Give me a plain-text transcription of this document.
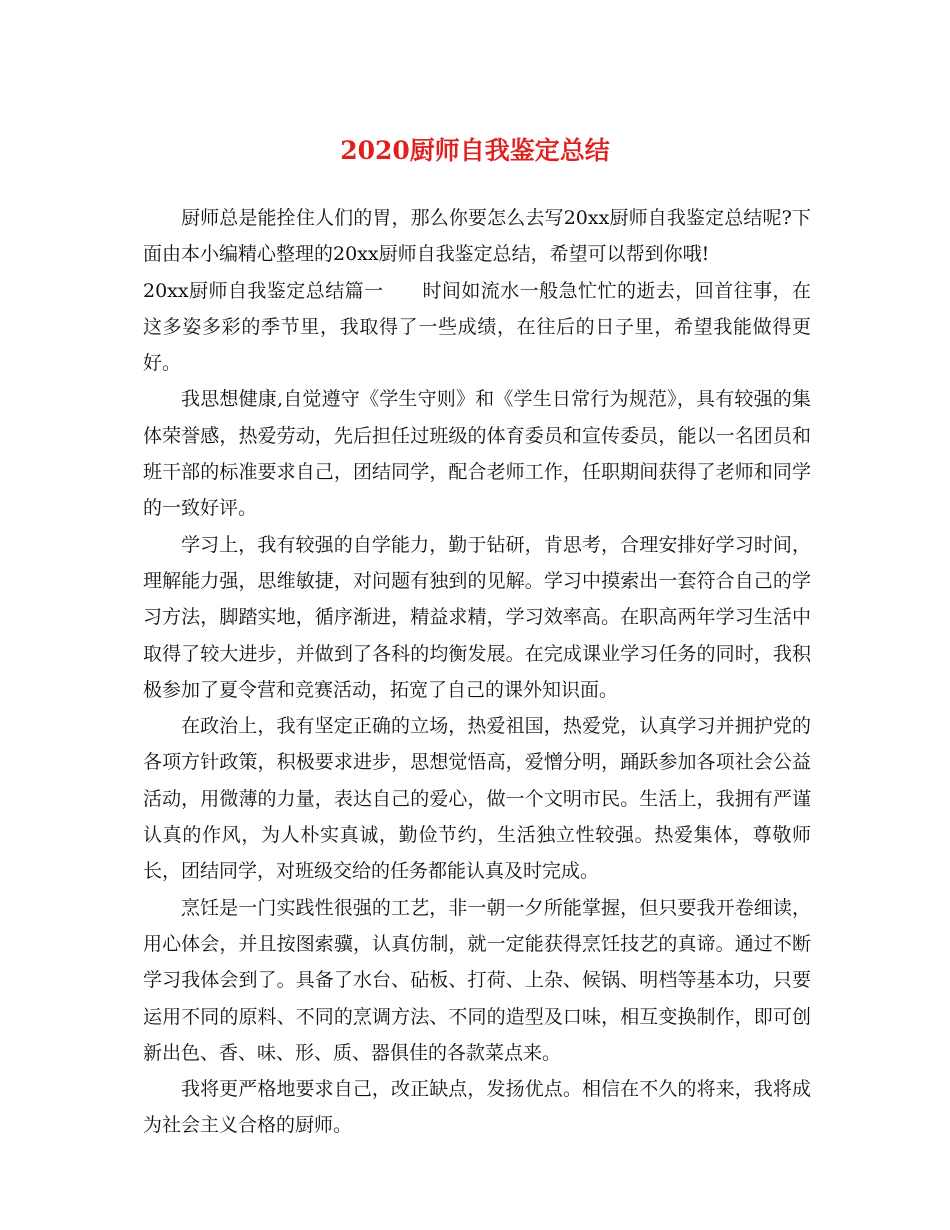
2020厨师自我鉴定总结

厨师总是能拴住人们的胃，那么你要怎么去写20xx厨师自我鉴定总结呢?下面由本小编精心整理的20xx厨师自我鉴定总结，希望可以帮到你哦!

20xx厨师自我鉴定总结篇一　　时间如流水一般急忙忙的逝去，回首往事，在这多姿多彩的季节里，我取得了一些成绩，在往后的日子里，希望我能做得更好。

我思想健康,自觉遵守《学生守则》和《学生日常行为规范》，具有较强的集体荣誉感，热爱劳动，先后担任过班级的体育委员和宣传委员，能以一名团员和班干部的标准要求自己，团结同学，配合老师工作，任职期间获得了老师和同学的一致好评。

学习上，我有较强的自学能力，勤于钻研，肯思考，合理安排好学习时间，理解能力强，思维敏捷，对问题有独到的见解。学习中摸索出一套符合自己的学习方法，脚踏实地，循序渐进，精益求精，学习效率高。在职高两年学习生活中取得了较大进步，并做到了各科的均衡发展。在完成课业学习任务的同时，我积极参加了夏令营和竞赛活动，拓宽了自己的课外知识面。

在政治上，我有坚定正确的立场，热爱祖国，热爱党，认真学习并拥护党的各项方针政策，积极要求进步，思想觉悟高，爱憎分明，踊跃参加各项社会公益活动，用微薄的力量，表达自己的爱心，做一个文明市民。生活上，我拥有严谨认真的作风，为人朴实真诚，勤俭节约，生活独立性较强。热爱集体，尊敬师长，团结同学，对班级交给的任务都能认真及时完成。

烹饪是一门实践性很强的工艺，非一朝一夕所能掌握，但只要我开卷细读，用心体会，并且按图索骥，认真仿制，就一定能获得烹饪技艺的真谛。通过不断学习我体会到了。具备了水台、砧板、打荷、上杂、候锅、明档等基本功，只要运用不同的原料、不同的烹调方法、不同的造型及口味，相互变换制作，即可创新出色、香、味、形、质、器俱佳的各款菜点来。

我将更严格地要求自己，改正缺点，发扬优点。相信在不久的将来，我将成为社会主义合格的厨师。
